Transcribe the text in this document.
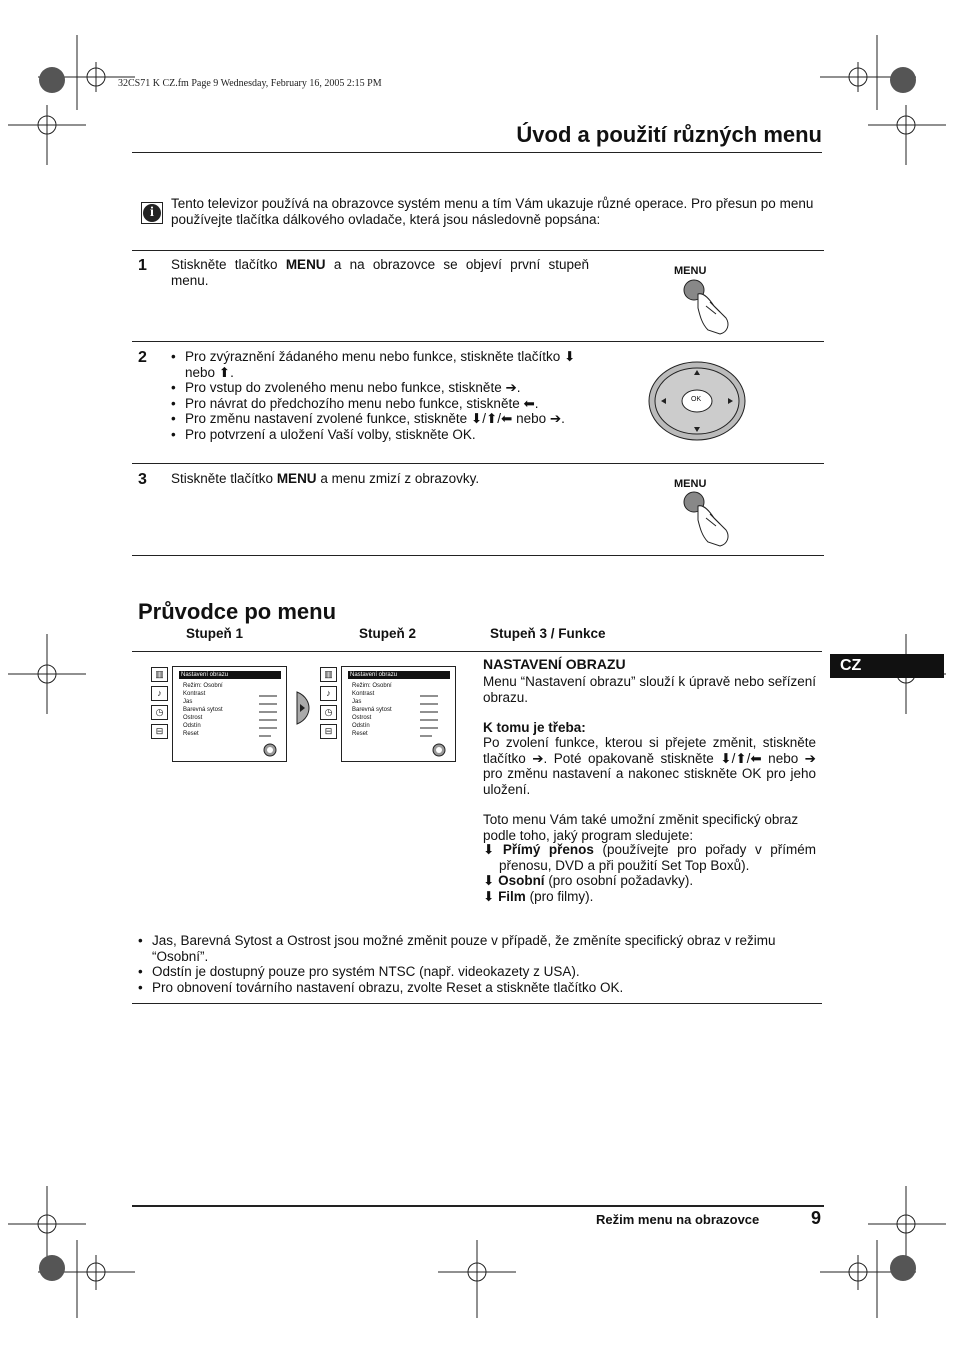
32CS71 K CZ.fm Page 9 Wednesday, February 16, 2005 2:15 PM
Úvod a použití různých menu
i
Tento televizor používá na obrazovce systém menu a tím Vám ukazuje různé operace. Pro přesun po menu používejte tlačítka dálkového ovladače, která jsou následovně popsána:
1 Stiskněte tlačítko MENU a na obrazovce se objeví první stupeň menu.
MENU
2
•	Pro zvýraznění žádaného menu nebo funkce, stiskněte tlačítko ⬇ nebo ⬆.
• Pro vstup do zvoleného menu nebo funkce, stiskněte ➔.
• Pro návrat do předchozího menu nebo funkce, stiskněte ⬅.
• Pro změnu nastavení zvolené funkce, stiskněte ⬇/⬆/⬅ nebo ➔.
• Pro potvrzení a uložení Vaší volby, stiskněte OK.
OK
3 Stiskněte tlačítko MENU a menu zmizí z obrazovky.	MENU
Průvodce po menu
Stupeň 1	Stupeň 2	Stupeň 3 / Funkce
CZ
▥
♪
◷
⊟
Nastavení obrazu
Režim: Osobní
Kontrast
Jas
Barevná sytost
Ostrost
Odstín
Reset
▥
♪
◷
⊟
Nastavení obrazu
Režim: Osobní
Kontrast
Jas
Barevná sytost
Ostrost
Odstín
Reset
NASTAVENÍ OBRAZU
Menu “Nastavení obrazu” slouží k úpravě nebo seřízení obrazu.
K tomu je třeba:
Po zvolení funkce, kterou si přejete změnit, stiskněte tlačítko ➔. Poté opakovaně stiskněte ⬇/⬆/⬅ nebo ➔ pro změnu nastavení a nakonec stiskněte OK pro jeho uložení.
Toto menu Vám také umožní změnit specifický obraz podle toho, jaký program sledujete:
⬇ Přímý přenos (používejte pro pořady v přímém přenosu, DVD a při použití Set Top Boxů).
⬇ Osobní (pro osobní požadavky).
⬇ Film (pro filmy).
• Jas, Barevná Sytost a Ostrost jsou možné změnit pouze v případě, že změníte specifický obraz v režimu “Osobní”.
• Odstín je dostupný pouze pro systém NTSC (např. videokazety z USA).
• Pro obnovení továrního nastavení obrazu, zvolte Reset a stiskněte tlačítko OK.
Režim menu na obrazovce	9
